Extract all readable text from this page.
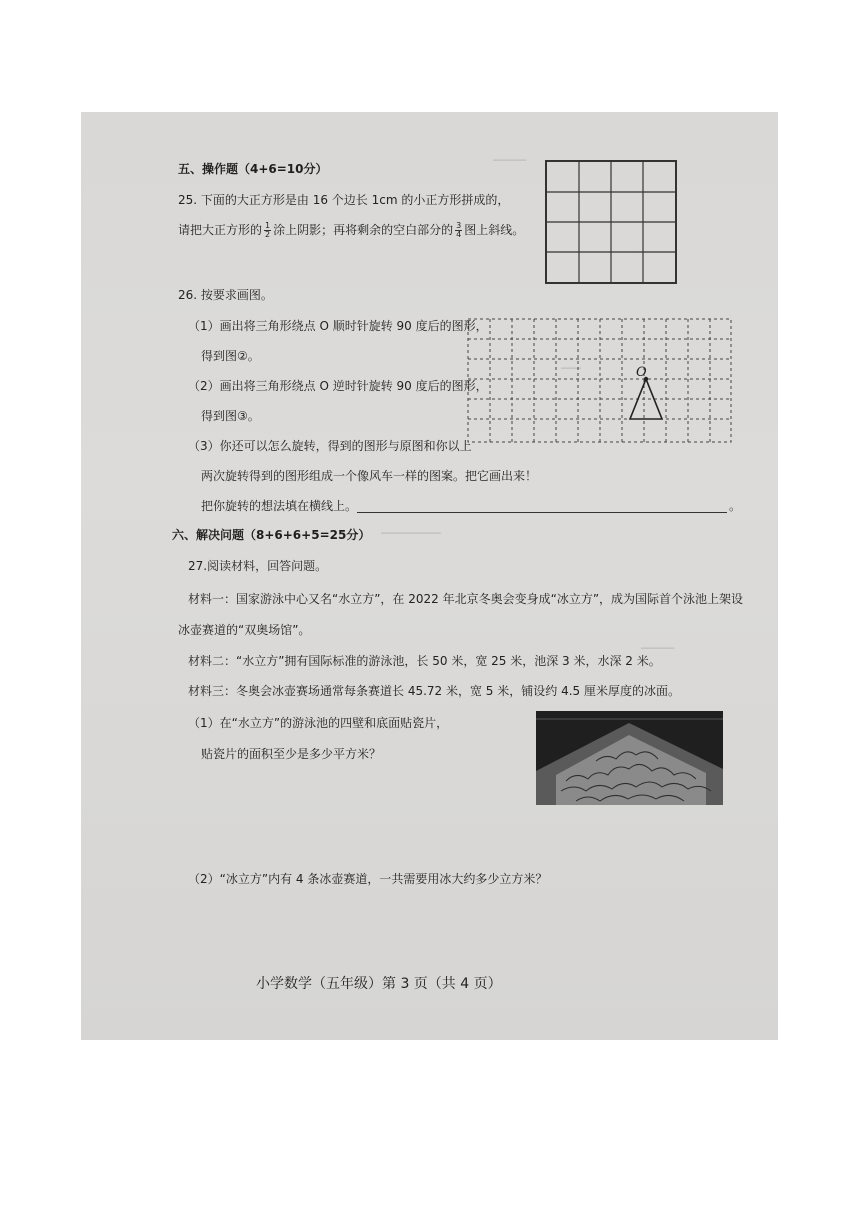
─────
───
─────────
─────
五、操作题（4+6=10分）
25. 下面的大正方形是由 16 个边长 1cm 的小正方形拼成的，
请把大正方形的 $\frac{1}{2}$ 涂上阴影；再将剩余的空白部分的 $\frac{3}{4}$ 图上斜线。
26. 按要求画图。
（1）画出将三角形绕点 O 顺时针旋转 90 度后的图形，
得到图②。
（2）画出将三角形绕点 O 逆时针旋转 90 度后的图形，
得到图③。
（3）你还可以怎么旋转，得到的图形与原图和你以上
两次旋转得到的图形组成一个像风车一样的图案。把它画出来！
把你旋转的想法填在横线上。	。
O
六、解决问题（8+6+6+5=25分）
27.阅读材料，回答问题。
材料一：国家游泳中心又名“水立方”，在 2022 年北京冬奥会变身成“冰立方”，成为国际首个泳池上架设
冰壶赛道的“双奥场馆”。
材料二：“水立方”拥有国际标准的游泳池，长 50 米，宽 25 米，池深 3 米，水深 2 米。
材料三：冬奥会冰壶赛场通常每条赛道长 45.72 米，宽 5 米，铺设约 4.5 厘米厚度的冰面。
（1）在“水立方”的游泳池的四壁和底面贴瓷片，
贴瓷片的面积至少是多少平方米？
（2）“冰立方”内有 4 条冰壶赛道，一共需要用冰大约多少立方米？
小学数学（五年级）第 3 页（共 4 页）
